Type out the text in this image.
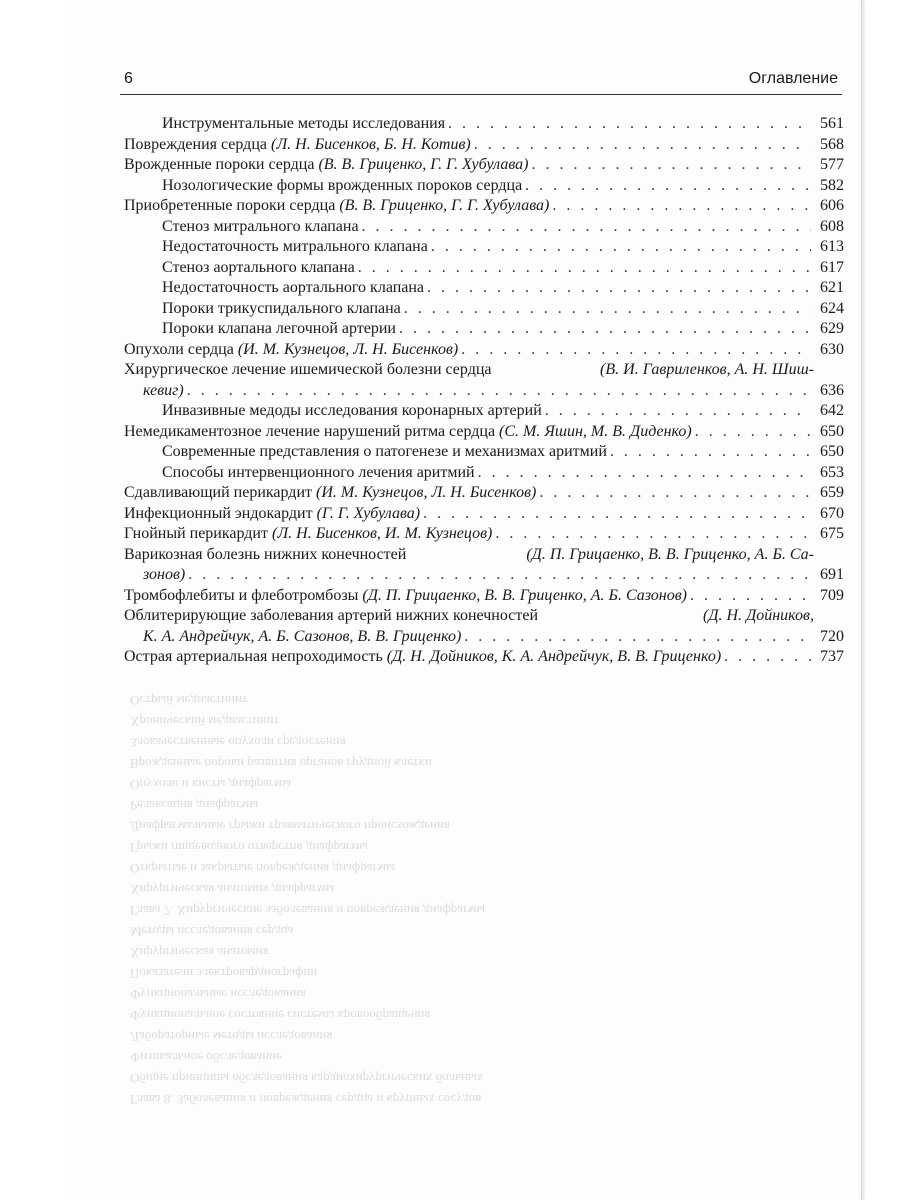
Глава 8. Заболевания и повреждения сердца и крупных сосудов
Общие принципы обследования кардиохирургических больных
Физикальное обследование
Лабораторные методы исследования
Функциональное состояние системы кровообращения
Функциональные исследования
Показатели электрокардиографии
Хирургическая анатомия
Методы исследования сердца
Глава 7. Хирургические заболевания и повреждения диафрагмы
Хирургическая анатомия диафрагмы
Открытые и закрытые повреждения диафрагмы
Грыжи пищеводного отверстия диафрагмы
Диафрагмальные грыжи травматического происхождения
Релаксация диафрагмы
Опухоли и кисты диафрагмы
Врожденные пороки развития органов грудной клетки
Злокачественные опухоли средостения
Хронический медиастинит
Острый медиастинит
6	Оглавление
Инструментальные методы исследования . . .	561
Повреждения сердца (Л. Н. Бисенков, Б. Н. Котив) . . .	568
Врожденные пороки сердца (В. В. Гриценко, Г. Г. Хубулава) . . .	577
Нозологические формы врожденных пороков сердца . . .	582
Приобретенные пороки сердца (В. В. Гриценко, Г. Г. Хубулава) . . .	606
Стеноз митрального клапана . . .	608
Недостаточность митрального клапана . . .	613
Стеноз аортального клапана . . .	617
Недостаточность аортального клапана . . .	621
Пороки трикуспидального клапана . . .	624
Пороки клапана легочной артерии . . .	629
Опухоли сердца (И. М. Кузнецов, Л. Н. Бисенков) . . .	630
Хирургическое лечение ишемической болезни сердца	(В. И. Гавриленков, А. Н. Шиш-
кевиг) . . .	636
Инвазивные медоды исследования коронарных артерий . . .	642
Немедикаментозное лечение нарушений ритма сердца (С. М. Яшин, М. В. Диденко) . . .	650
Современные представления о патогенезе и механизмах аритмий . . .	650
Способы интервенционного лечения аритмий . . .	653
Сдавливающий перикардит (И. М. Кузнецов, Л. Н. Бисенков) . . .	659
Инфекционный эндокардит (Г. Г. Хубулава) . . .	670
Гнойный перикардит (Л. Н. Бисенков, И. М. Кузнецов) . . .	675
Варикозная болезнь нижних конечностей	(Д. П. Грицаенко, В. В. Гриценко, А. Б. Са-
зонов) . . .	691
Тромбофлебиты и флеботромбозы (Д. П. Грицаенко, В. В. Гриценко, А. Б. Сазонов) . . .	709
Облитерирующие заболевания артерий нижних конечностей	(Д. Н. Дойников,
К. А. Андрейчук, А. Б. Сазонов, В. В. Гриценко) . . .	720
Острая артериальная непроходимость (Д. Н. Дойников, К. А. Андрейчук, В. В. Гриценко) . . .	737
